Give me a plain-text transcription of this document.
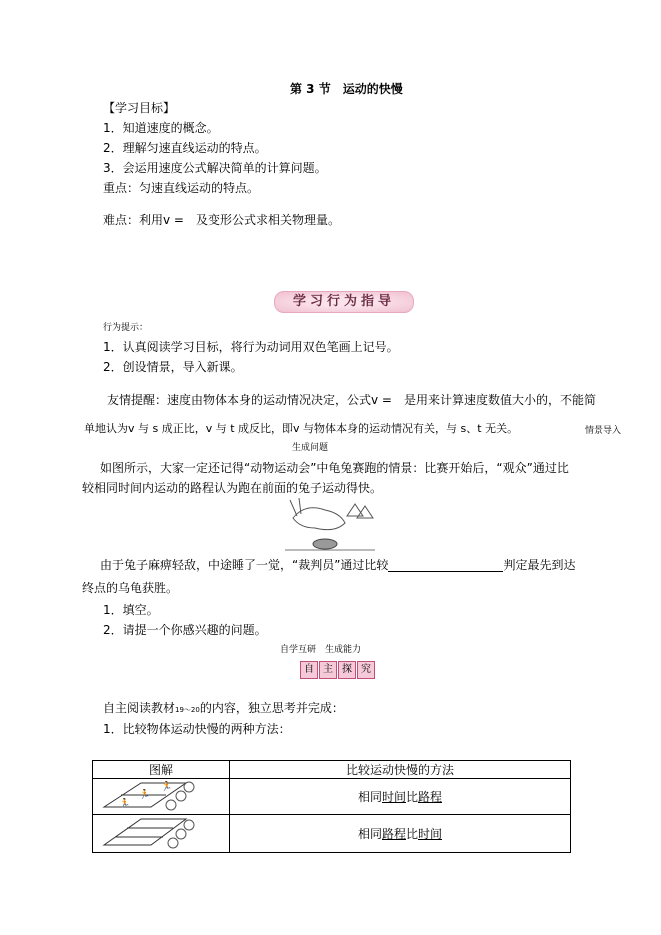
第 3 节　运动的快慢
【学习目标】
1．知道速度的概念。
2．理解匀速直线运动的特点。
3．会运用速度公式解决简单的计算问题。
重点：匀速直线运动的特点。
难点：利用v =　及变形公式求相关物理量。
学习行为指导
行为提示：
1．认真阅读学习目标，将行为动词用双色笔画上记号。
2．创设情景，导入新课。
友情提醒：速度由物体本身的运动情况决定，公式v =　是用来计算速度数值大小的，不能简
单地认为v 与 s 成正比，v 与 t 成反比，即v 与物体本身的运动情况有关，与 s、t 无关。	情景导入
生成问题
如图所示，大家一定还记得“动物运动会”中龟兔赛跑的情景：比赛开始后，“观众”通过比
较相同时间内运动的路程认为跑在前面的兔子运动得快。
由于兔子麻痹轻敌，中途睡了一觉，“裁判员”通过比较	判定最先到达
终点的乌龟获胜。
1．填空。
2．请提一个你感兴趣的问题。
自学互研　生成能力
自 主 探 究
自主阅读教材19～20的内容，独立思考并完成：
1．比较物体运动快慢的两种方法：
图解	比较运动快慢的方法

🏃
🏃
🏃	相同时间比路程
	相同路程比时间
